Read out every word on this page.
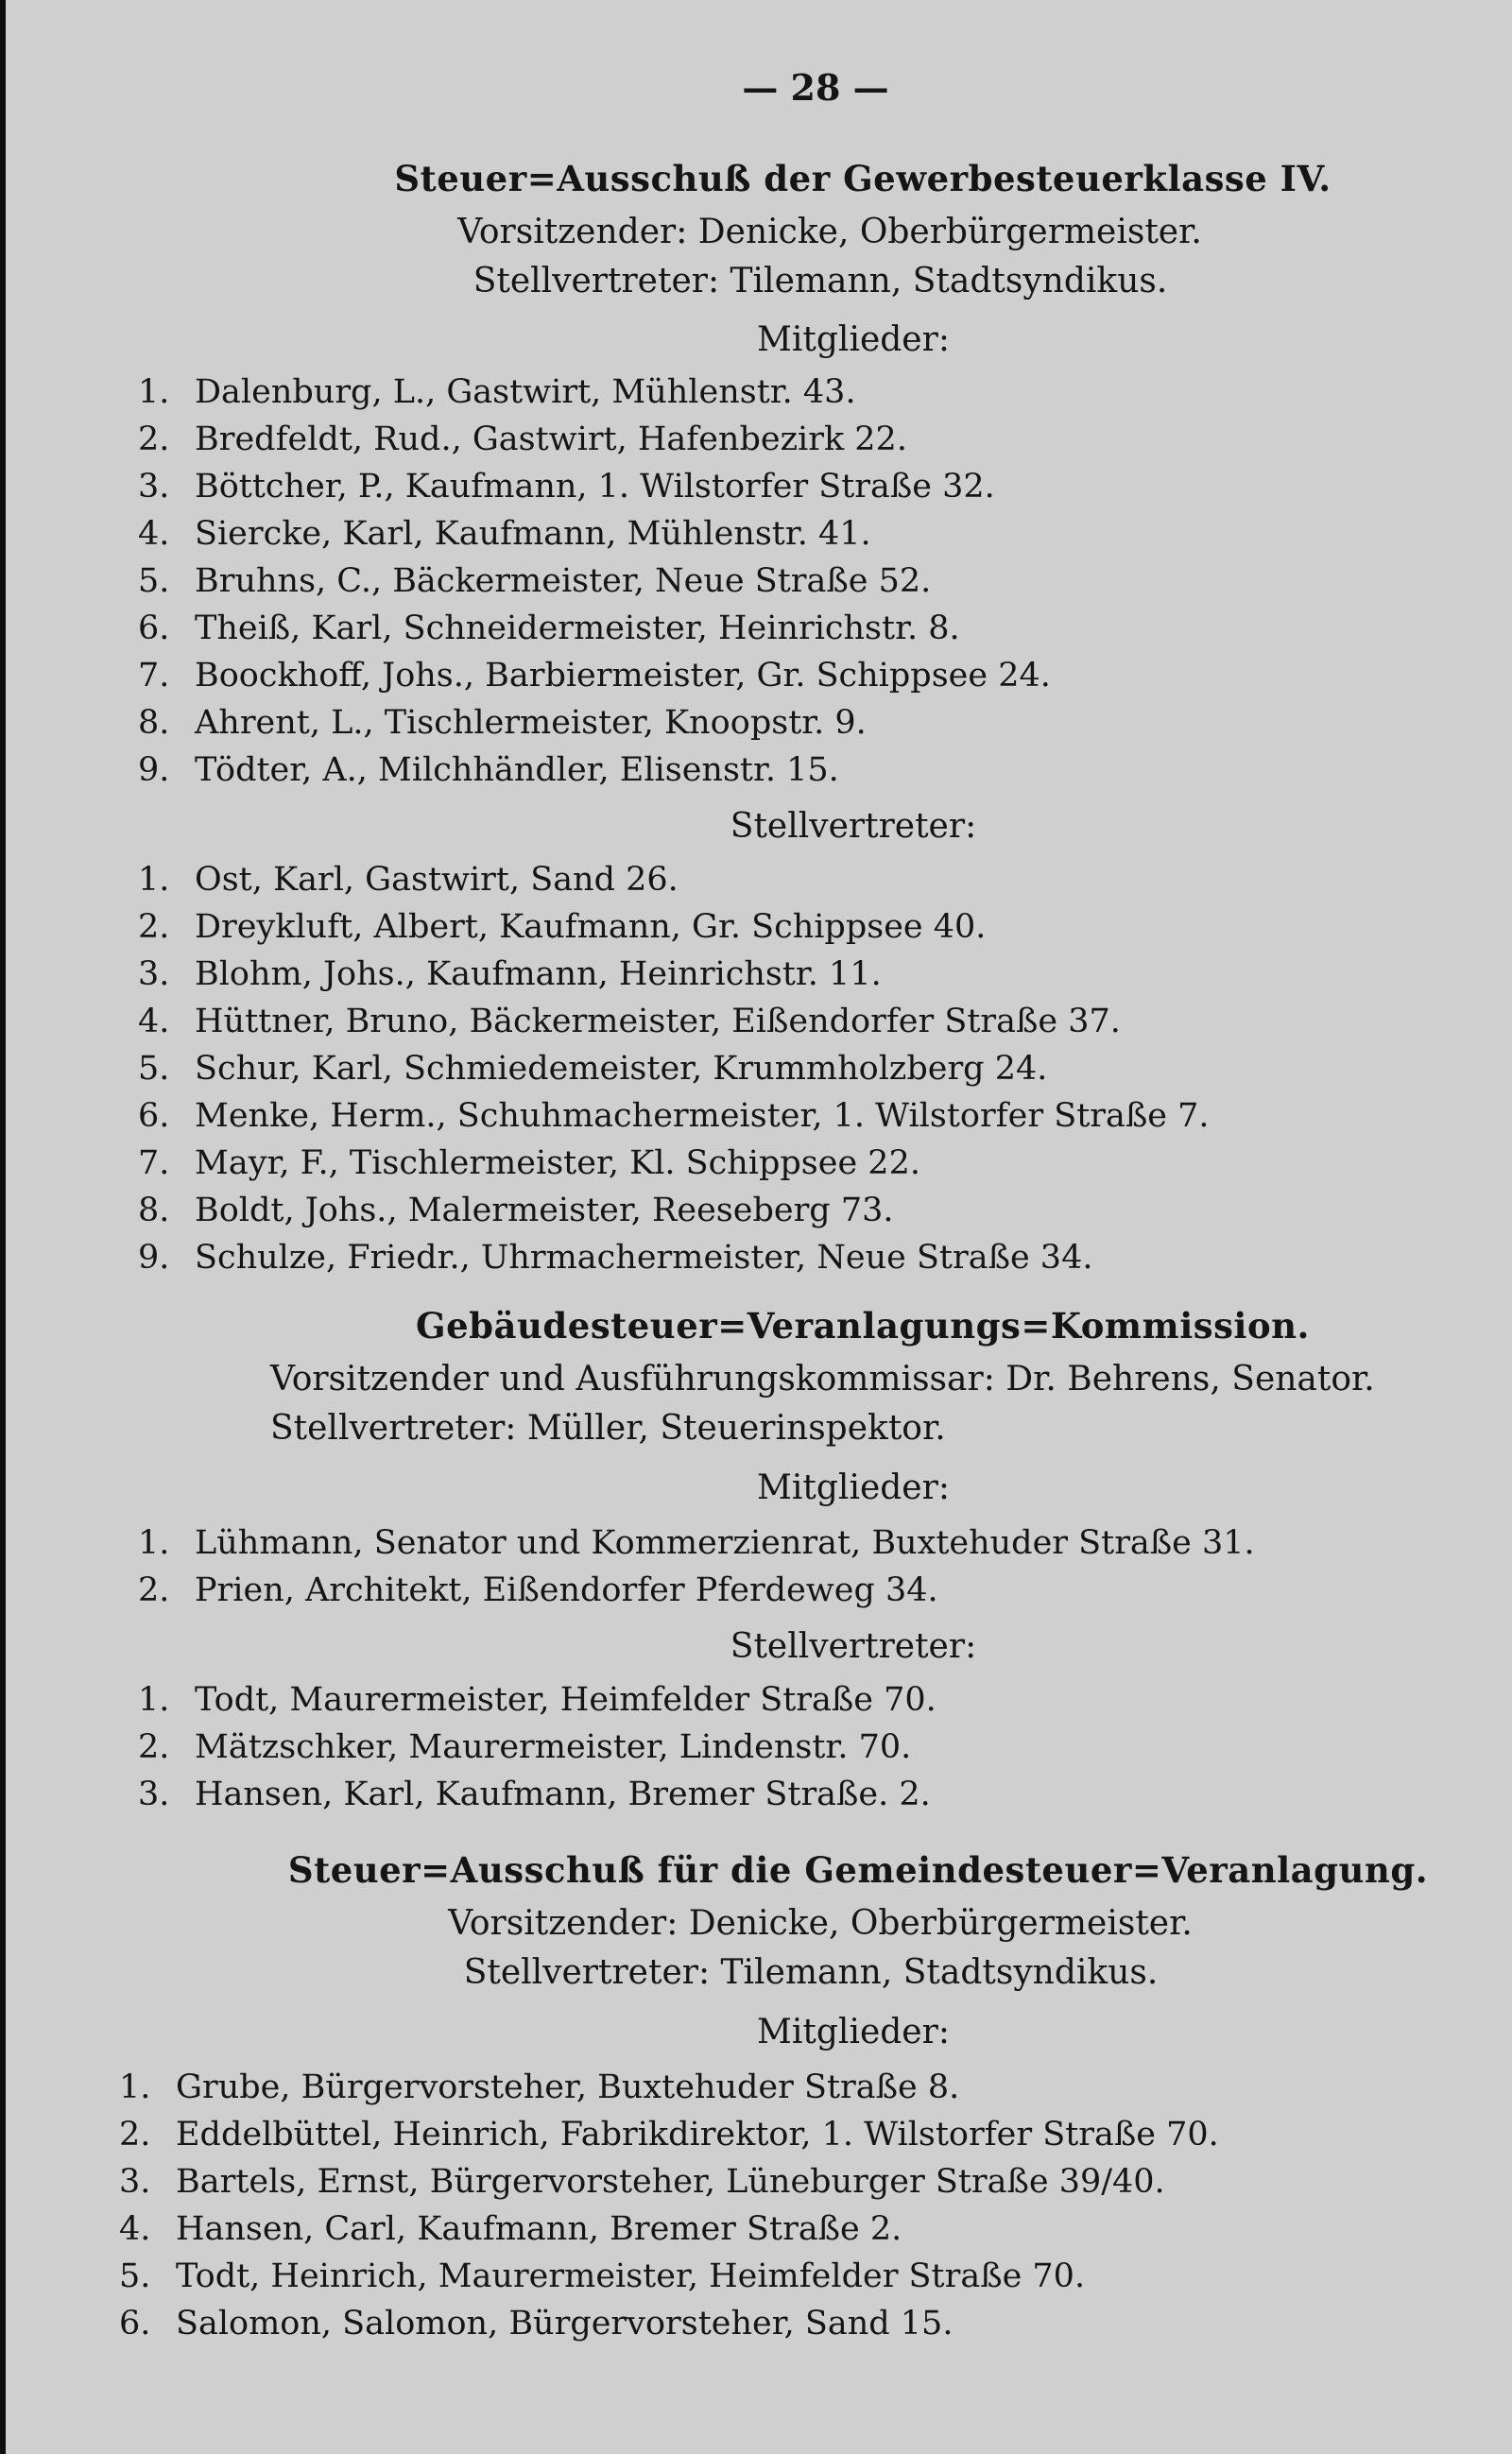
— 28 —
Steuer=Ausschuß der Gewerbesteuerklasse IV.
Vorsitzender: Denicke, Oberbürgermeister.
Stellvertreter: Tilemann, Stadtsyndikus.
Mitglieder:
1. Dalenburg, L., Gastwirt, Mühlenstr. 43.
2. Bredfeldt, Rud., Gastwirt, Hafenbezirk 22.
3. Böttcher, P., Kaufmann, 1. Wilstorfer Straße 32.
4. Siercke, Karl, Kaufmann, Mühlenstr. 41.
5. Bruhns, C., Bäckermeister, Neue Straße 52.
6. Theiß, Karl, Schneidermeister, Heinrichstr. 8.
7. Boockhoff, Johs., Barbiermeister, Gr. Schippsee 24.
8. Ahrent, L., Tischlermeister, Knoopstr. 9.
9. Tödter, A., Milchhändler, Elisenstr. 15.
Stellvertreter:
1. Ost, Karl, Gastwirt, Sand 26.
2. Dreykluft, Albert, Kaufmann, Gr. Schippsee 40.
3. Blohm, Johs., Kaufmann, Heinrichstr. 11.
4. Hüttner, Bruno, Bäckermeister, Eißendorfer Straße 37.
5. Schur, Karl, Schmiedemeister, Krummholzberg 24.
6. Menke, Herm., Schuhmachermeister, 1. Wilstorfer Straße 7.
7. Mayr, F., Tischlermeister, Kl. Schippsee 22.
8. Boldt, Johs., Malermeister, Reeseberg 73.
9. Schulze, Friedr., Uhrmachermeister, Neue Straße 34.
Gebäudesteuer=Veranlagungs=Kommission.
Vorsitzender und Ausführungskommissar: Dr. Behrens, Senator.
Stellvertreter: Müller, Steuerinspektor.
Mitglieder:
1. Lühmann, Senator und Kommerzienrat, Buxtehuder Straße 31.
2. Prien, Architekt, Eißendorfer Pferdeweg 34.
Stellvertreter:
1. Todt, Maurermeister, Heimfelder Straße 70.
2. Mätzschker, Maurermeister, Lindenstr. 70.
3. Hansen, Karl, Kaufmann, Bremer Straße. 2.
Steuer=Ausschuß für die Gemeindesteuer=Veranlagung.
Vorsitzender: Denicke, Oberbürgermeister.
Stellvertreter: Tilemann, Stadtsyndikus.
Mitglieder:
1. Grube, Bürgervorsteher, Buxtehuder Straße 8.
2. Eddelbüttel, Heinrich, Fabrikdirektor, 1. Wilstorfer Straße 70.
3. Bartels, Ernst, Bürgervorsteher, Lüneburger Straße 39/40.
4. Hansen, Carl, Kaufmann, Bremer Straße 2.
5. Todt, Heinrich, Maurermeister, Heimfelder Straße 70.
6. Salomon, Salomon, Bürgervorsteher, Sand 15.
